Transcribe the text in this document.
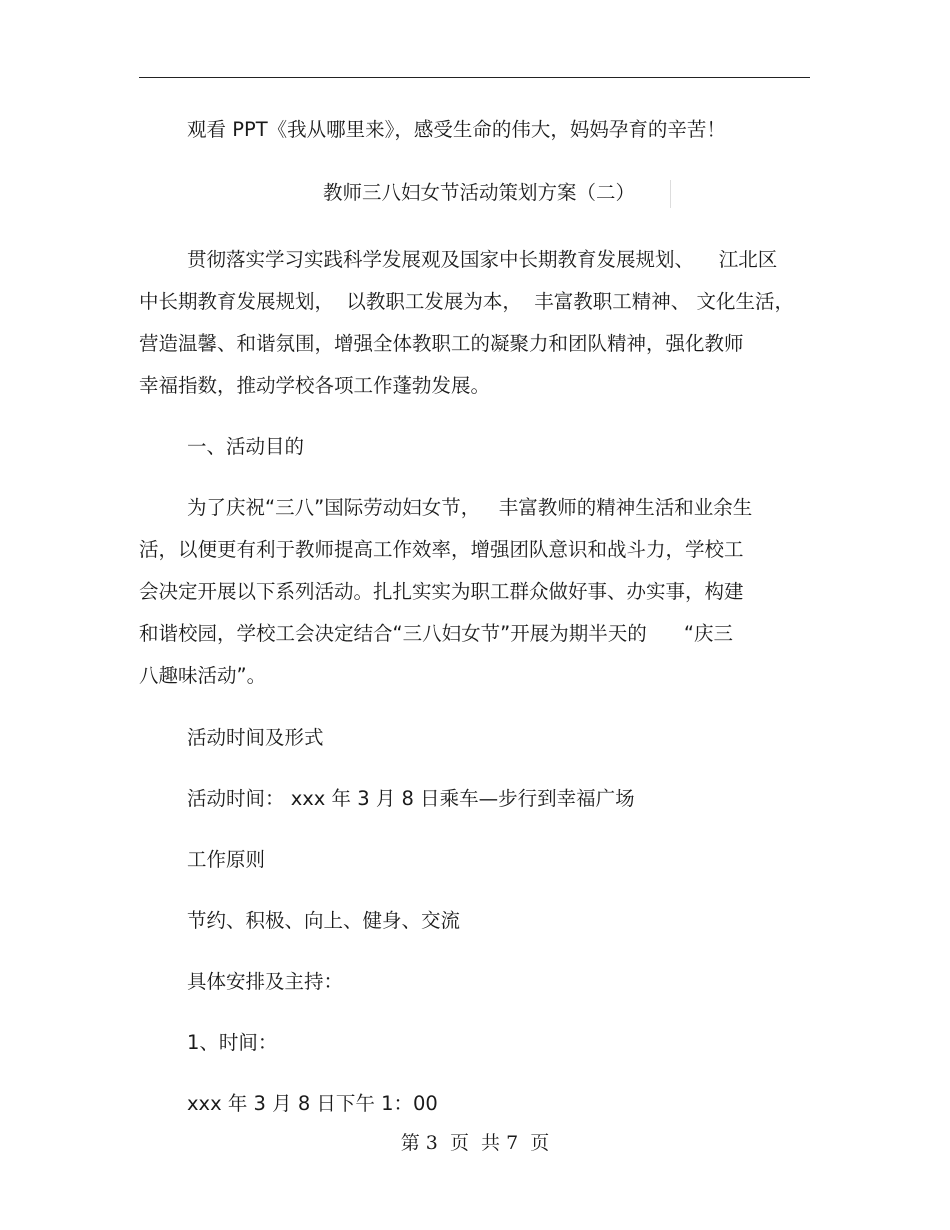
观看 PPT《我从哪里来》，感受生命的伟大，妈妈孕育的辛苦！
教师三八妇女节活动策划方案（二）
贯彻落实学习实践科学发展观及国家中长期教育发展规划、    江北区
中长期教育发展规划，  以教职工发展为本，  丰富教职工精神、 文化生活，
营造温馨、和谐氛围，增强全体教职工的凝聚力和团队精神，强化教师
幸福指数，推动学校各项工作蓬勃发展。
一、活动目的
为了庆祝“三八”国际劳动妇女节，   丰富教师的精神生活和业余生
活，以便更有利于教师提高工作效率，增强团队意识和战斗力，学校工
会决定开展以下系列活动。扎扎实实为职工群众做好事、办实事，构建
和谐校园，学校工会决定结合“三八妇女节”开展为期半天的      “庆三
八趣味活动”。
活动时间及形式
活动时间： xxx 年 3 月 8 日乘车—步行到幸福广场
工作原则
节约、积极、向上、健身、交流
具体安排及主持：
1、时间：
xxx 年 3 月 8 日下午 1：00
第 3  页  共 7  页
